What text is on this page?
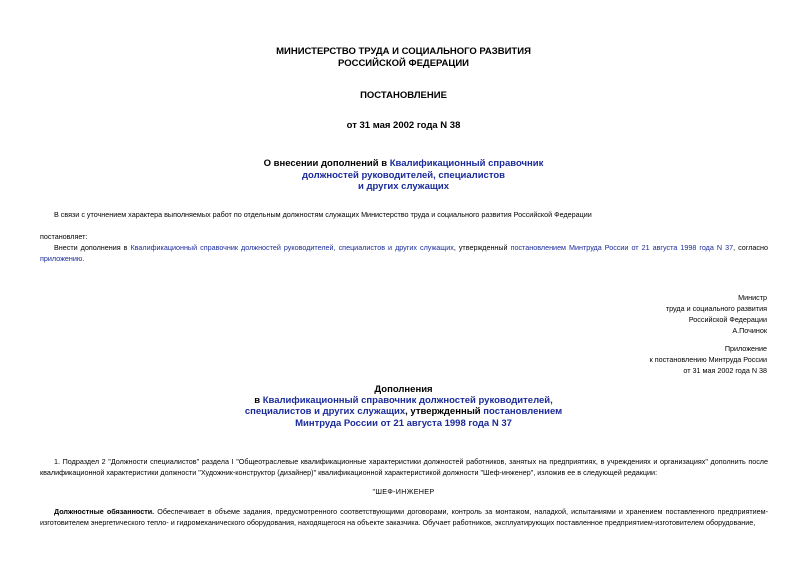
МИНИСТЕРСТВО ТРУДА И СОЦИАЛЬНОГО РАЗВИТИЯ
РОССИЙСКОЙ ФЕДЕРАЦИИ
ПОСТАНОВЛЕНИЕ
от 31 мая 2002 года N 38
О внесении дополнений в Квалификационный справочник
должностей руководителей, специалистов
и других служащих
В связи с уточнением характера выполняемых работ по отдельным должностям служащих Министерство труда и социального развития Российской Федерации
постановляет:
Внести дополнения в Квалификационный справочник должностей руководителей, специалистов и других служащих, утвержденный постановлением Минтруда России от 21 августа 1998 года N 37, согласно приложению.
Министр
труда и социального развития
Российской Федерации
А.Починок
Приложение
к постановлению Минтруда России
от 31 мая 2002 года N 38
Дополнения
в Квалификационный справочник должностей руководителей,
специалистов и других служащих, утвержденный постановлением
Минтруда России от 21 августа 1998 года N 37
1. Подраздел 2 "Должности специалистов" раздела I "Общеотраслевые квалификационные характеристики должностей работников, занятых на предприятиях, в учреждениях и организациях" дополнить после квалификационной характеристики должности "Художник-конструктор (дизайнер)" квалификационной характеристикой должности "Шеф-инженер", изложив ее в следующей редакции:
"ШЕФ-ИНЖЕНЕР
Должностные обязанности. Обеспечивает в объеме задания, предусмотренного соответствующими договорами, контроль за монтажом, наладкой, испытаниями и хранением поставленного предприятием-изготовителем энергетического тепло- и гидромеханического оборудования, находящегося на объекте заказчика. Обучает работников, эксплуатирующих поставленное предприятием-изготовителем оборудование,
